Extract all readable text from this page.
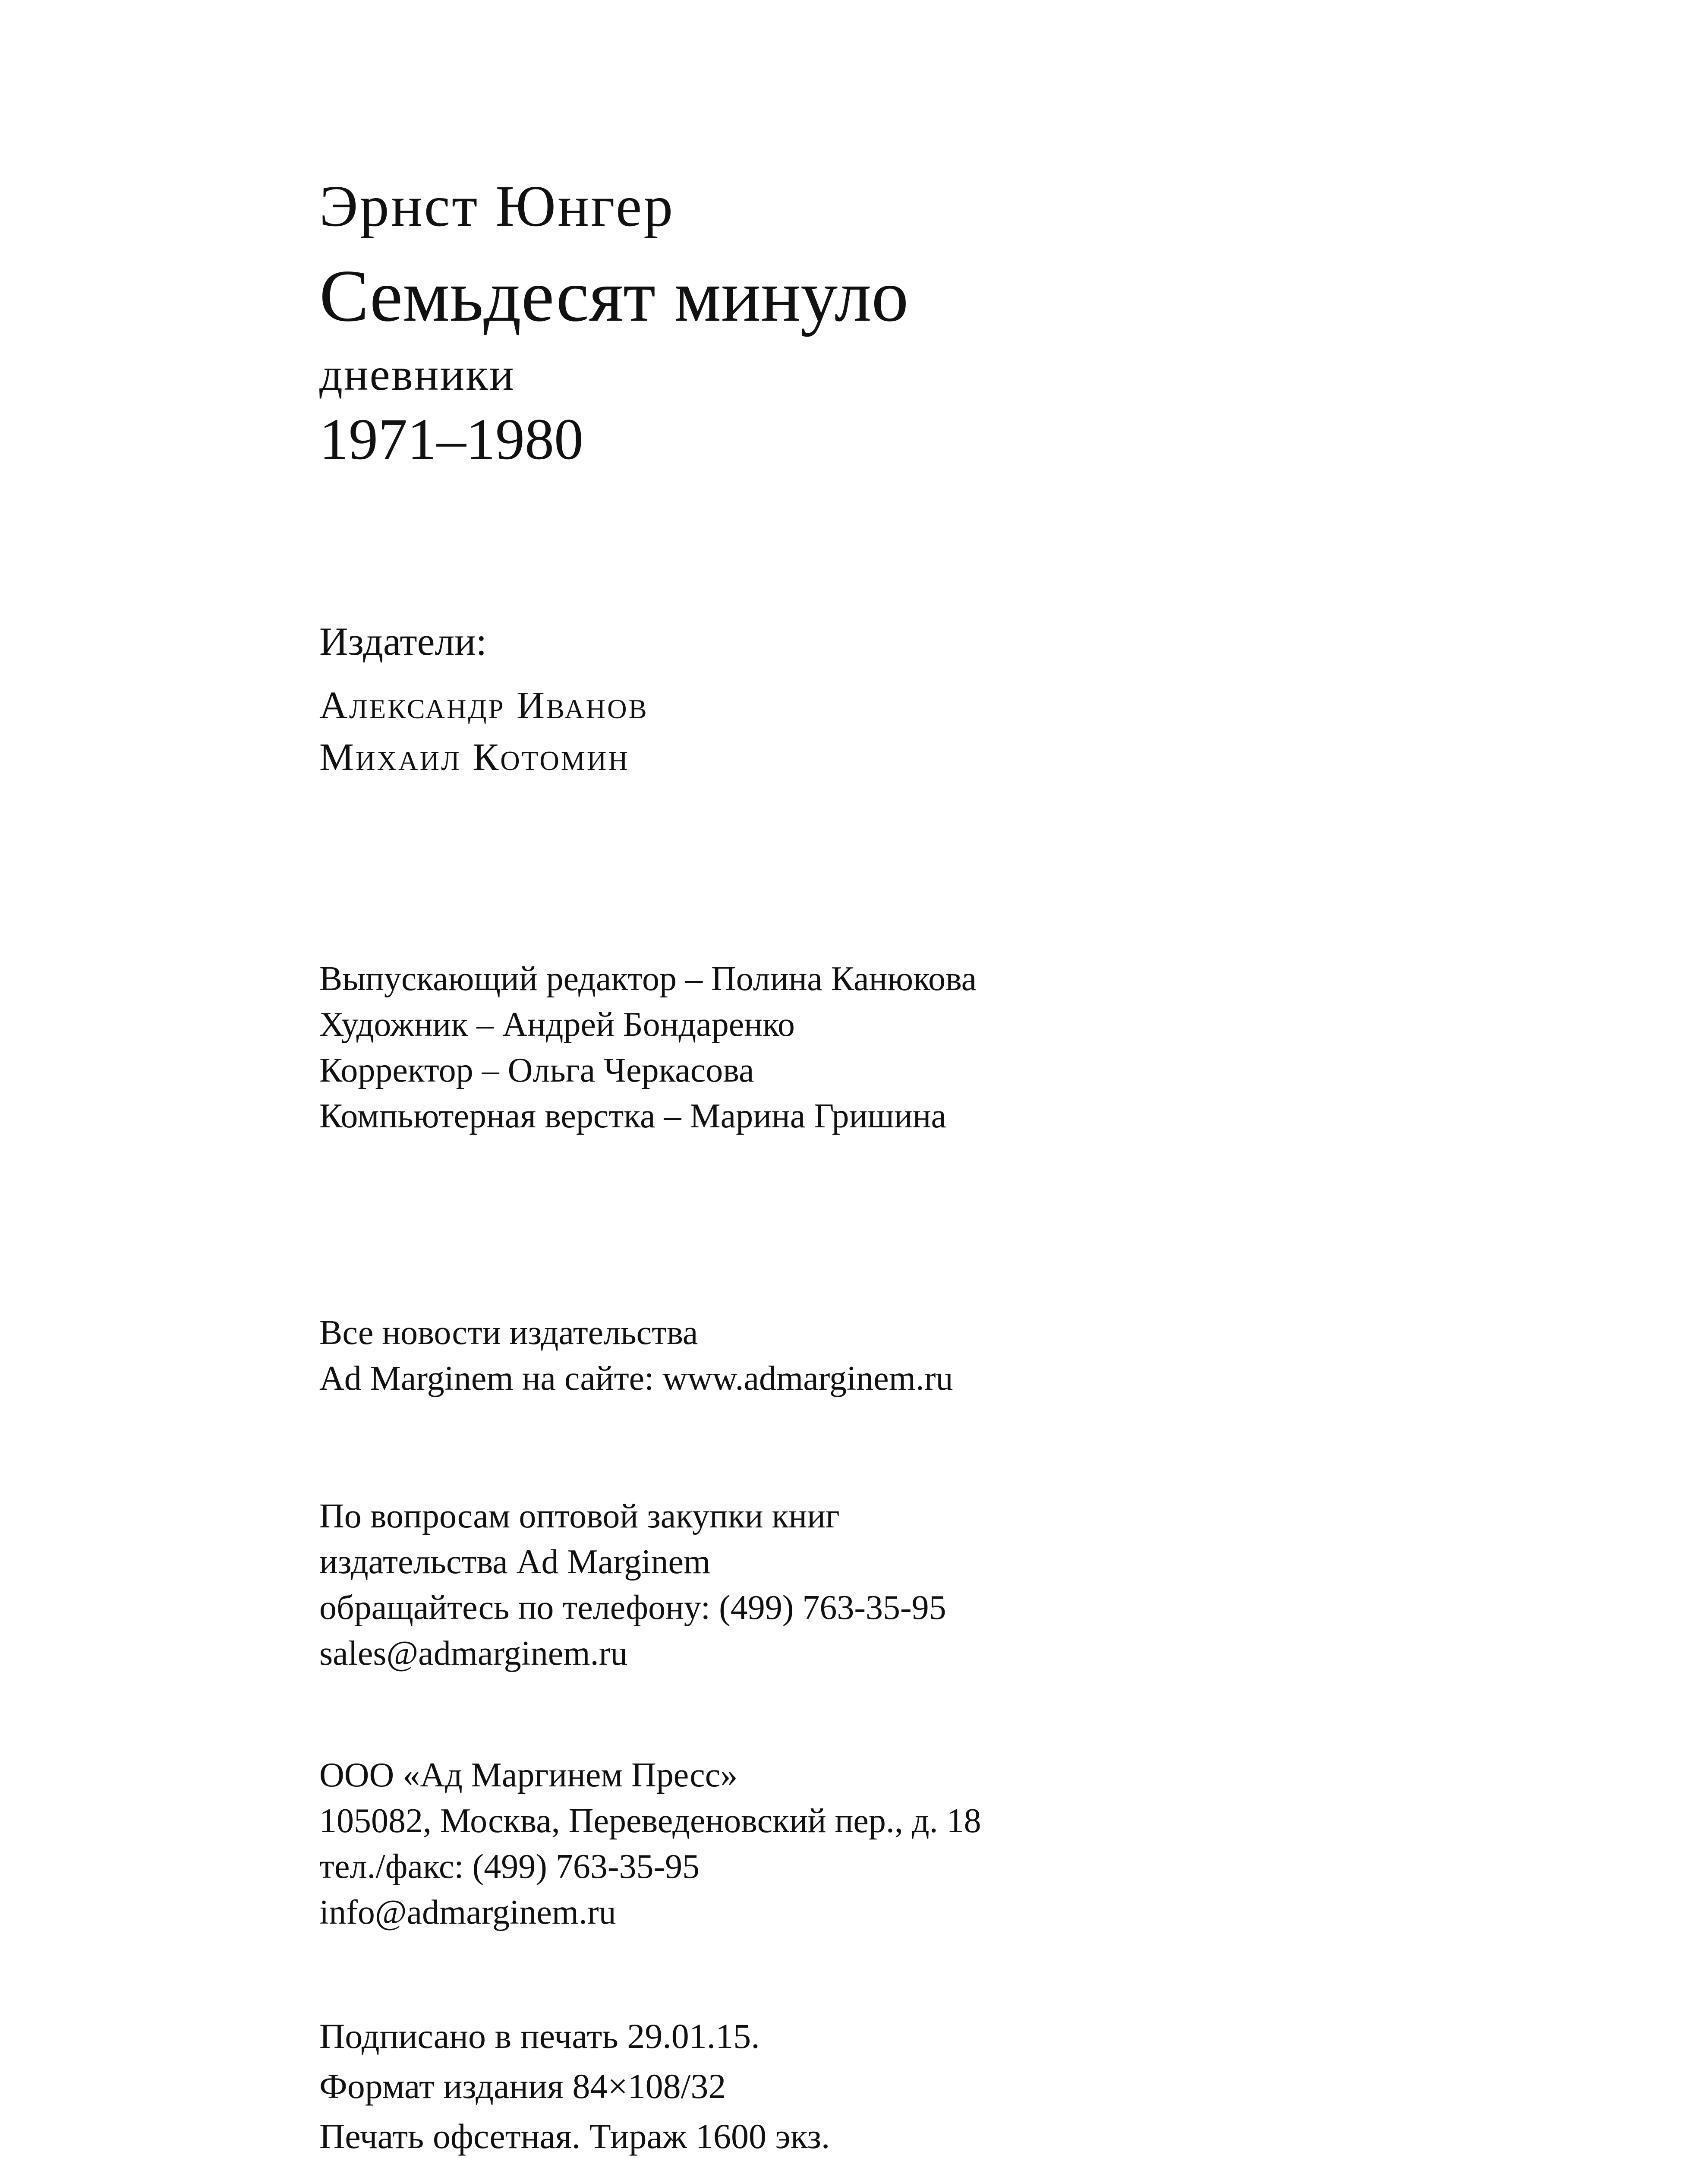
Эрнст Юнгер
Семьдесят минуло
дневники
1971–1980
Издатели:
Александр Иванов
Михаил Котомин
Выпускающий редактор – Полина Канюкова
Художник – Андрей Бондаренко
Корректор – Ольга Черкасова
Компьютерная верстка – Марина Гришина
Все новости издательства
Ad Marginem на сайте: www.admarginem.ru
По вопросам оптовой закупки книг
издательства Ad Marginem
обращайтесь по телефону: (499) 763-35-95
sales@admarginem.ru
ООО «Ад Маргинем Пресс»
105082, Москва, Переведеновский пер., д. 18
тел./факс: (499) 763-35-95
info@admarginem.ru
Подписано в печать 29.01.15.
Формат издания 84×108/32
Печать офсетная. Тираж 1600 экз.
